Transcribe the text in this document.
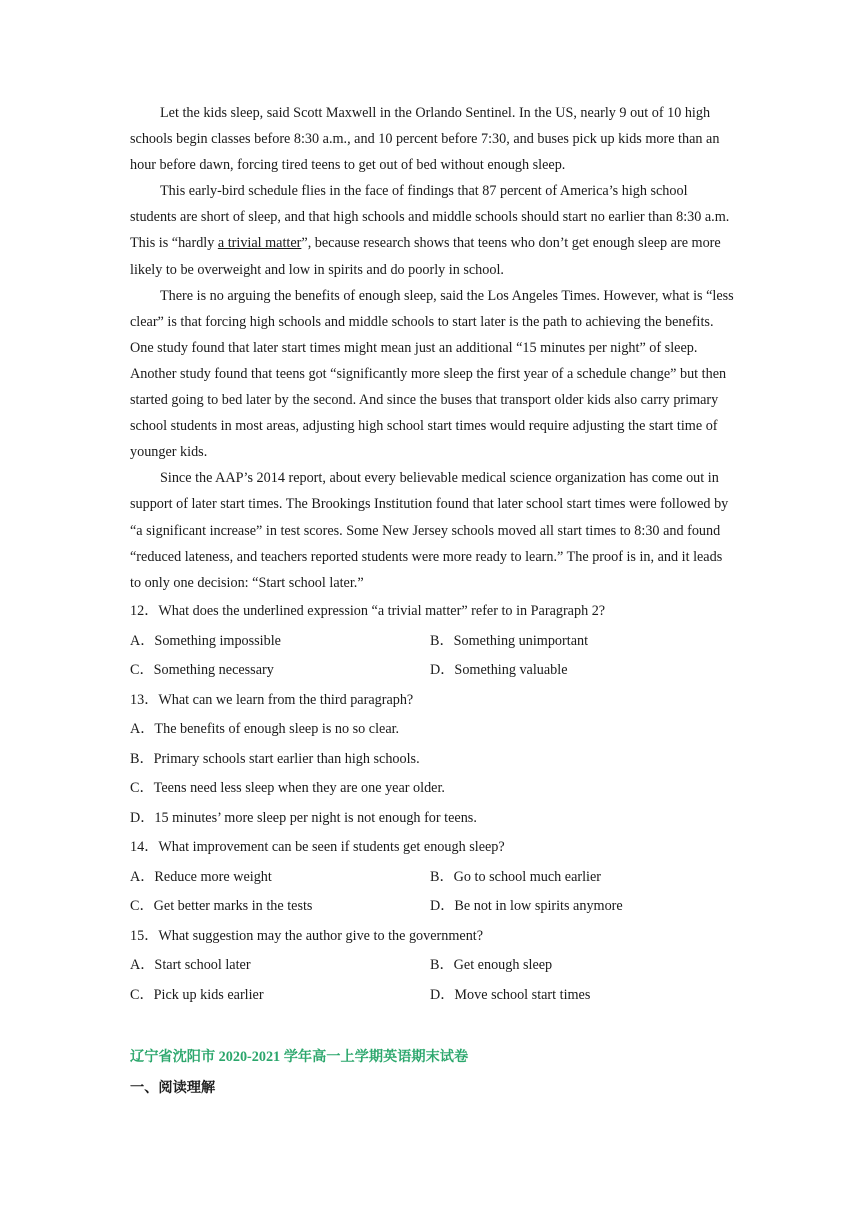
Let the kids sleep, said Scott Maxwell in the Orlando Sentinel. In the US, nearly 9 out of 10 high schools begin classes before 8:30 a.m., and 10 percent before 7:30, and buses pick up kids more than an hour before dawn, forcing tired teens to get out of bed without enough sleep.

This early-bird schedule flies in the face of findings that 87 percent of America’s high school students are short of sleep, and that high schools and middle schools should start no earlier than 8:30 a.m. This is “hardly a trivial matter”, because research shows that teens who don’t get enough sleep are more likely to be overweight and low in spirits and do poorly in school.

There is no arguing the benefits of enough sleep, said the Los Angeles Times. However, what is “less clear” is that forcing high schools and middle schools to start later is the path to achieving the benefits. One study found that later start times might mean just an additional “15 minutes per night” of sleep. Another study found that teens got “significantly more sleep the first year of a schedule change” but then started going to bed later by the second. And since the buses that transport older kids also carry primary school students in most areas, adjusting high school start times would require adjusting the start time of younger kids.

Since the AAP’s 2014 report, about every believable medical science organization has come out in support of later start times. The Brookings Institution found that later school start times were followed by “a significant increase” in test scores. Some New Jersey schools moved all start times to 8:30 and found “reduced lateness, and teachers reported students were more ready to learn.” The proof is in, and it leads to only one decision: “Start school later.”

12．What does the underlined expression “a trivial matter” refer to in Paragraph 2?

A．Something impossible	B．Something unimportant

C．Something necessary	D．Something valuable

13．What can we learn from the third paragraph?

A．The benefits of enough sleep is no so clear.

B．Primary schools start earlier than high schools.

C．Teens need less sleep when they are one year older.

D．15 minutes’ more sleep per night is not enough for teens.

14．What improvement can be seen if students get enough sleep?

A．Reduce more weight	B．Go to school much earlier

C．Get better marks in the tests	D．Be not in low spirits anymore

15．What suggestion may the author give to the government?

A．Start school later	B．Get enough sleep

C．Pick up kids earlier	D．Move school start times

辽宁省沈阳市 2020-2021 学年高一上学期英语期末试卷

一、阅读理解
